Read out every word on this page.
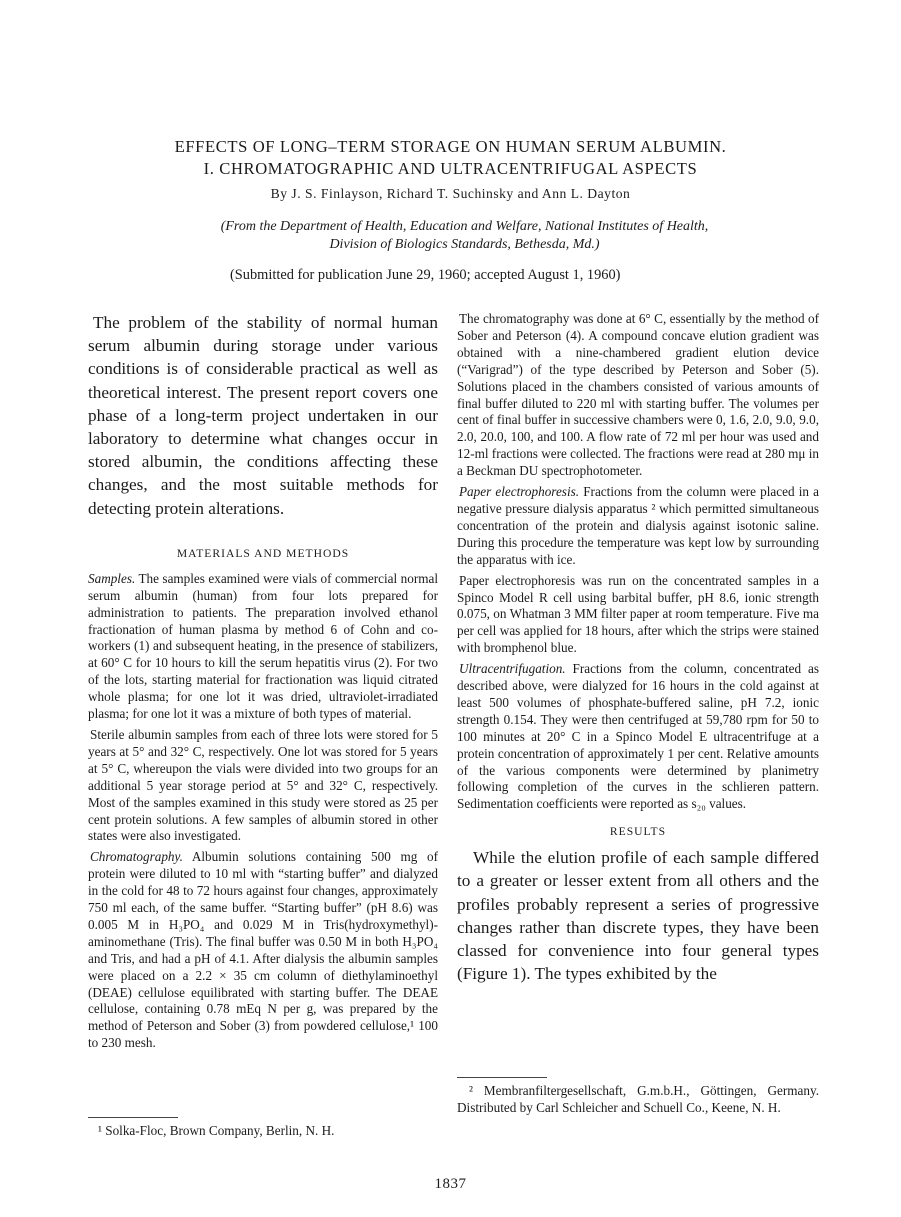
EFFECTS OF LONG–TERM STORAGE ON HUMAN SERUM ALBUMIN.
I. CHROMATOGRAPHIC AND ULTRACENTRIFUGAL ASPECTS
By J. S. Finlayson, Richard T. Suchinsky and Ann L. Dayton
(From the Department of Health, Education and Welfare, National Institutes of Health,
Division of Biologics Standards, Bethesda, Md.)
(Submitted for publication June 29, 1960; accepted August 1, 1960)

The problem of the stability of normal human serum albumin during storage under various conditions is of considerable practical as well as theoretical interest. The present report covers one phase of a long-term project undertaken in our laboratory to determine what changes occur in stored albumin, the conditions affecting these changes, and the most suitable methods for detecting protein alterations.

MATERIALS AND METHODS

Samples. The samples examined were vials of commercial normal serum albumin (human) from four lots prepared for administration to patients. The preparation involved ethanol fractionation of human plasma by method 6 of Cohn and co-workers (1) and subsequent heating, in the presence of stabilizers, at 60° C for 10 hours to kill the serum hepatitis virus (2). For two of the lots, starting material for fractionation was liquid citrated whole plasma; for one lot it was dried, ultraviolet-irradiated plasma; for one lot it was a mixture of both types of material.

Sterile albumin samples from each of three lots were stored for 5 years at 5° and 32° C, respectively. One lot was stored for 5 years at 5° C, whereupon the vials were divided into two groups for an additional 5 year storage period at 5° and 32° C, respectively. Most of the samples examined in this study were stored as 25 per cent protein solutions. A few samples of albumin stored in other states were also investigated.

Chromatography. Albumin solutions containing 500 mg of protein were diluted to 10 ml with “starting buffer” and dialyzed in the cold for 48 to 72 hours against four changes, approximately 750 ml each, of the same buffer. “Starting buffer” (pH 8.6) was 0.005 M in H₃PO₄ and 0.029 M in Tris(hydroxymethyl)-aminomethane (Tris). The final buffer was 0.50 M in both H₃PO₄ and Tris, and had a pH of 4.1. After dialysis the albumin samples were placed on a 2.2 × 35 cm column of diethylaminoethyl (DEAE) cellulose equilibrated with starting buffer. The DEAE cellulose, containing 0.78 mEq N per g, was prepared by the method of Peterson and Sober (3) from powdered cellulose,¹ 100 to 230 mesh.

¹ Solka-Floc, Brown Company, Berlin, N. H.

The chromatography was done at 6° C, essentially by the method of Sober and Peterson (4). A compound concave elution gradient was obtained with a nine-chambered gradient elution device (“Varigrad”) of the type described by Peterson and Sober (5). Solutions placed in the chambers consisted of various amounts of final buffer diluted to 220 ml with starting buffer. The volumes per cent of final buffer in successive chambers were 0, 1.6, 2.0, 9.0, 9.0, 2.0, 20.0, 100, and 100. A flow rate of 72 ml per hour was used and 12-ml fractions were collected. The fractions were read at 280 mμ in a Beckman DU spectrophotometer.

Paper electrophoresis. Fractions from the column were placed in a negative pressure dialysis apparatus ² which permitted simultaneous concentration of the protein and dialysis against isotonic saline. During this procedure the temperature was kept low by surrounding the apparatus with ice.

Paper electrophoresis was run on the concentrated samples in a Spinco Model R cell using barbital buffer, pH 8.6, ionic strength 0.075, on Whatman 3 MM filter paper at room temperature. Five ma per cell was applied for 18 hours, after which the strips were stained with bromphenol blue.

Ultracentrifugation. Fractions from the column, concentrated as described above, were dialyzed for 16 hours in the cold against at least 500 volumes of phosphate-buffered saline, pH 7.2, ionic strength 0.154. They were then centrifuged at 59,780 rpm for 50 to 100 minutes at 20° C in a Spinco Model E ultracentrifuge at a protein concentration of approximately 1 per cent. Relative amounts of the various components were determined by planimetry following completion of the curves in the schlieren pattern. Sedimentation coefficients were reported as s₂₀ values.

RESULTS

While the elution profile of each sample differed to a greater or lesser extent from all others and the profiles probably represent a series of progressive changes rather than discrete types, they have been classed for convenience into four general types (Figure 1). The types exhibited by the

² Membranfiltergesellschaft, G.m.b.H., Göttingen, Germany. Distributed by Carl Schleicher and Schuell Co., Keene, N. H.
1837
